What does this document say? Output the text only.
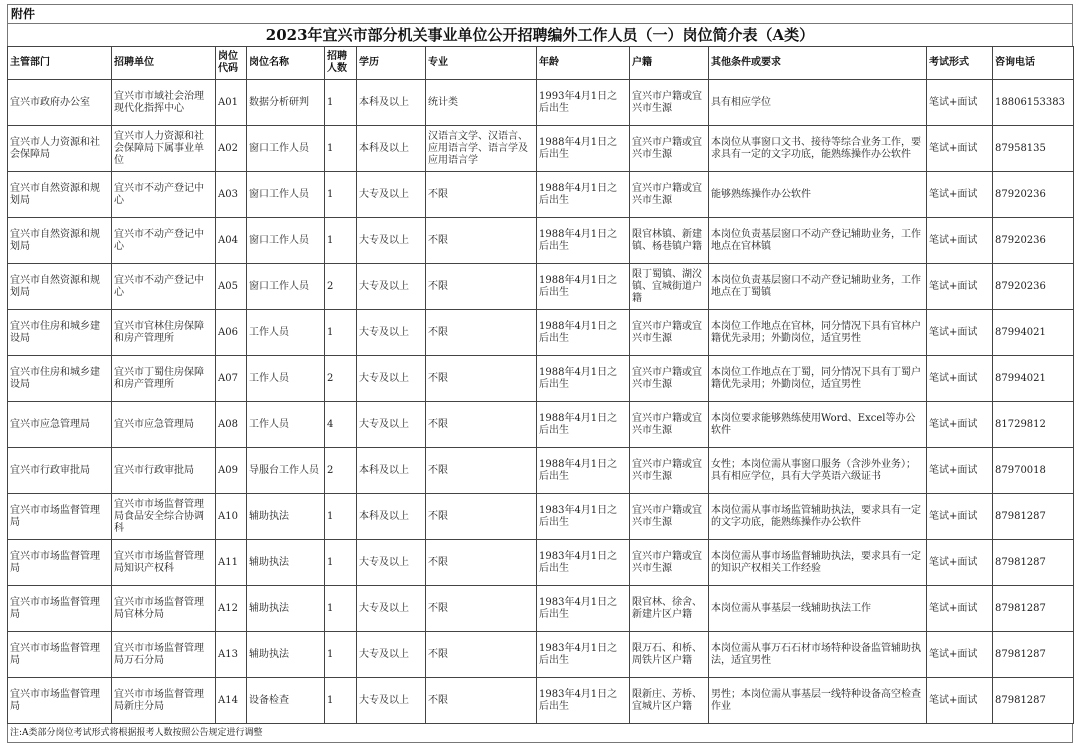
附件
2023年宜兴市部分机关事业单位公开招聘编外工作人员（一）岗位简介表（A类）
主管部门	招聘单位	岗位代码	岗位名称	招聘人数	学历	专业	年龄	户籍	其他条件或要求	考试形式	咨询电话
宜兴市政府办公室	宜兴市市域社会治理现代化指挥中心	A01	数据分析研判	1	本科及以上	统计类	1993年4月1日之后出生	宜兴市户籍或宜兴市生源	具有相应学位	笔试+面试	18806153383
宜兴市人力资源和社会保障局	宜兴市人力资源和社会保障局下属事业单位	A02	窗口工作人员	1	本科及以上	汉语言文学、汉语言、应用语言学、语言学及应用语言学	1988年4月1日之后出生	宜兴市户籍或宜兴市生源	本岗位从事窗口文书、接待等综合业务工作，要求具有一定的文字功底，能熟练操作办公软件	笔试+面试	87958135
宜兴市自然资源和规划局	宜兴市不动产登记中心	A03	窗口工作人员	1	大专及以上	不限	1988年4月1日之后出生	宜兴市户籍或宜兴市生源	能够熟练操作办公软件	笔试+面试	87920236
宜兴市自然资源和规划局	宜兴市不动产登记中心	A04	窗口工作人员	1	大专及以上	不限	1988年4月1日之后出生	限官林镇、新建镇、杨巷镇户籍	本岗位负责基层窗口不动产登记辅助业务，工作地点在官林镇	笔试+面试	87920236
宜兴市自然资源和规划局	宜兴市不动产登记中心	A05	窗口工作人员	2	大专及以上	不限	1988年4月1日之后出生	限丁蜀镇、湖㳇镇、宜城街道户籍	本岗位负责基层窗口不动产登记辅助业务，工作地点在丁蜀镇	笔试+面试	87920236
宜兴市住房和城乡建设局	宜兴市官林住房保障和房产管理所	A06	工作人员	1	大专及以上	不限	1988年4月1日之后出生	宜兴市户籍或宜兴市生源	本岗位工作地点在官林，同分情况下具有官林户籍优先录用；外勤岗位，适宜男性	笔试+面试	87994021
宜兴市住房和城乡建设局	宜兴市丁蜀住房保障和房产管理所	A07	工作人员	2	大专及以上	不限	1988年4月1日之后出生	宜兴市户籍或宜兴市生源	本岗位工作地点在丁蜀，同分情况下具有丁蜀户籍优先录用；外勤岗位，适宜男性	笔试+面试	87994021
宜兴市应急管理局	宜兴市应急管理局	A08	工作人员	4	大专及以上	不限	1988年4月1日之后出生	宜兴市户籍或宜兴市生源	本岗位要求能够熟练使用Word、Excel等办公软件	笔试+面试	81729812
宜兴市行政审批局	宜兴市行政审批局	A09	导服台工作人员	2	本科及以上	不限	1988年4月1日之后出生	宜兴市户籍或宜兴市生源	女性；本岗位需从事窗口服务（含涉外业务）；具有相应学位，具有大学英语六级证书	笔试+面试	87970018
宜兴市市场监督管理局	宜兴市市场监督管理局食品安全综合协调科	A10	辅助执法	1	本科及以上	不限	1983年4月1日之后出生	宜兴市户籍或宜兴市生源	本岗位需从事市场监管辅助执法，要求具有一定的文字功底，能熟练操作办公软件	笔试+面试	87981287
宜兴市市场监督管理局	宜兴市市场监督管理局知识产权科	A11	辅助执法	1	大专及以上	不限	1983年4月1日之后出生	宜兴市户籍或宜兴市生源	本岗位需从事市场监督辅助执法，要求具有一定的知识产权相关工作经验	笔试+面试	87981287
宜兴市市场监督管理局	宜兴市市场监督管理局官林分局	A12	辅助执法	1	大专及以上	不限	1983年4月1日之后出生	限官林、徐舍、新建片区户籍	本岗位需从事基层一线辅助执法工作	笔试+面试	87981287
宜兴市市场监督管理局	宜兴市市场监督管理局万石分局	A13	辅助执法	1	大专及以上	不限	1983年4月1日之后出生	限万石、和桥、周铁片区户籍	本岗位需从事万石石材市场特种设备监管辅助执法，适宜男性	笔试+面试	87981287
宜兴市市场监督管理局	宜兴市市场监督管理局新庄分局	A14	设备检查	1	大专及以上	不限	1983年4月1日之后出生	限新庄、芳桥、宜城片区户籍	男性；本岗位需从事基层一线特种设备高空检查作业	笔试+面试	87981287
注:A类部分岗位考试形式将根据报考人数按照公告规定进行调整
